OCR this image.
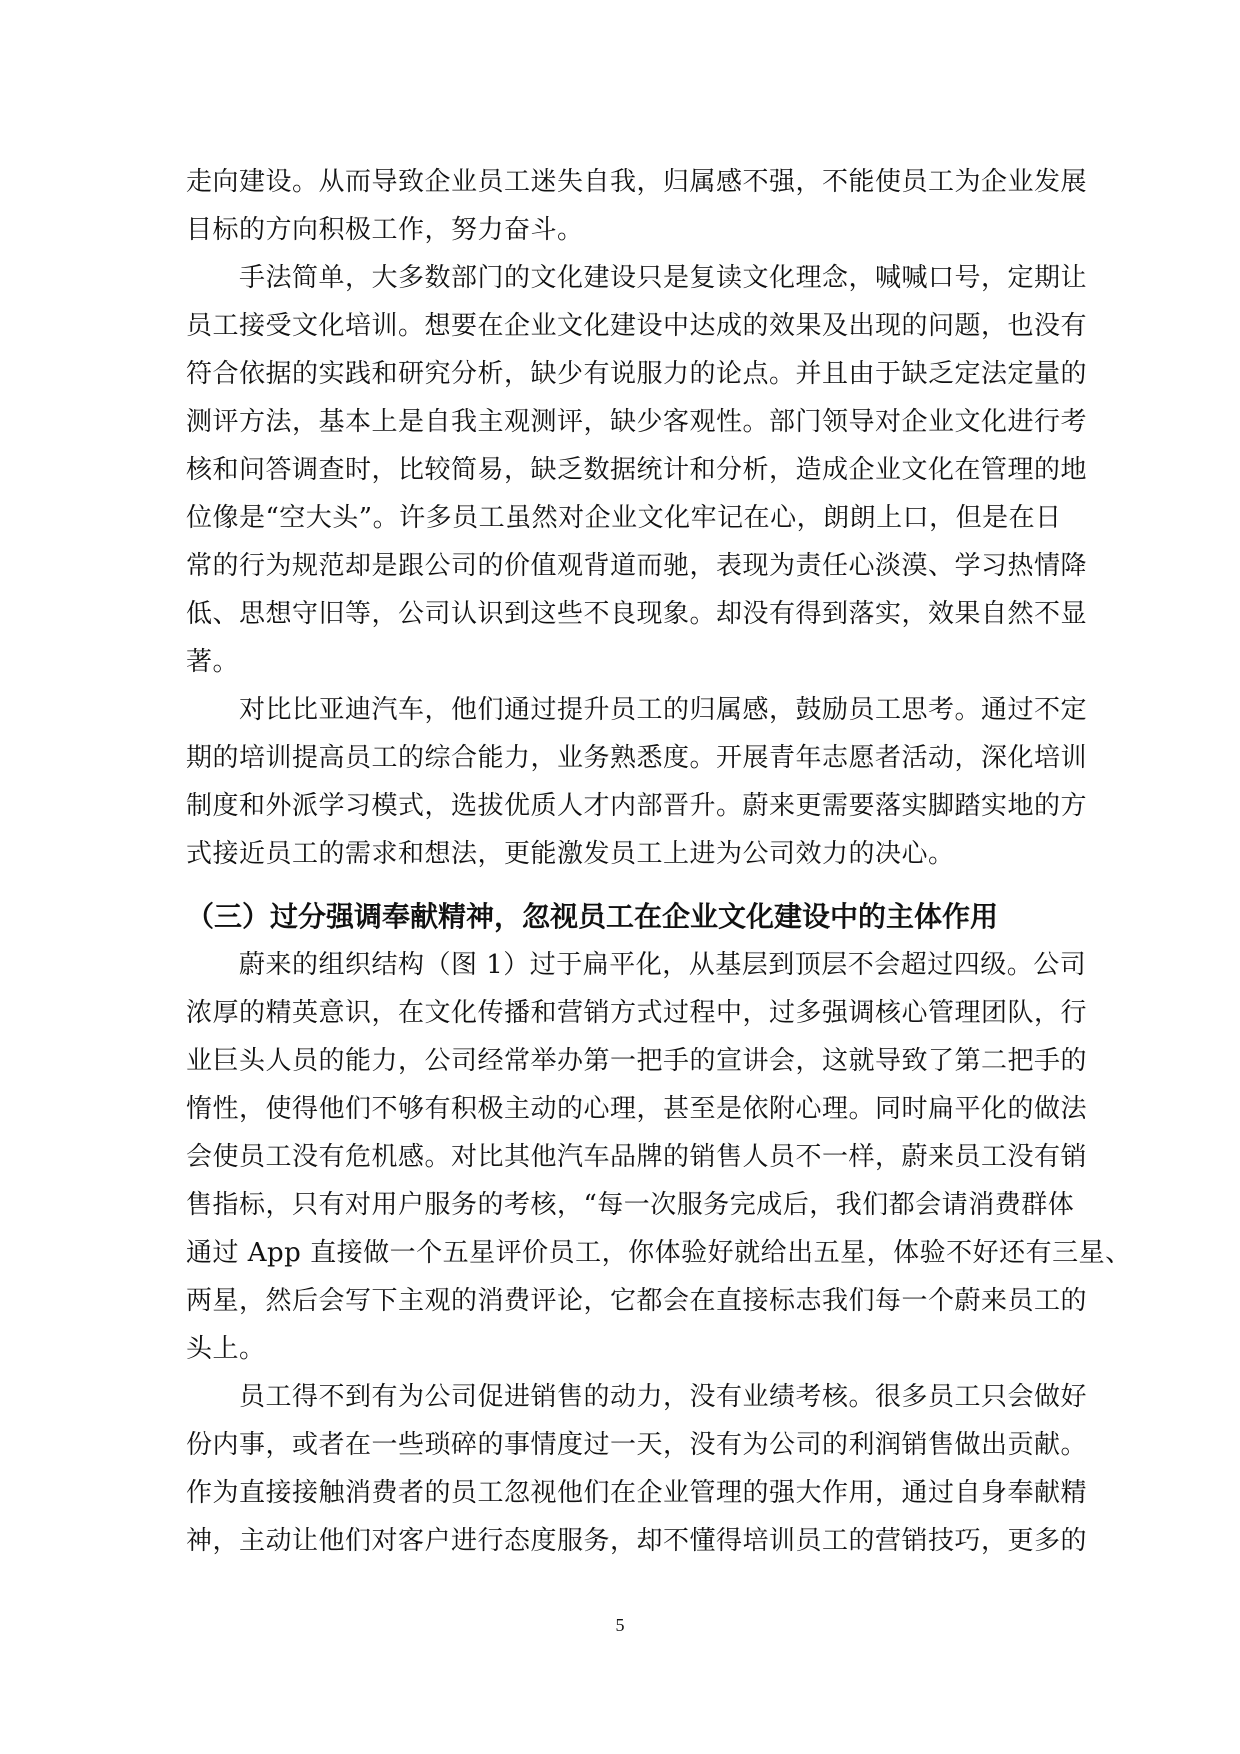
走向建设。从而导致企业员工迷失自我，归属感不强，不能使员工为企业发展
目标的方向积极工作，努力奋斗。
手法简单，大多数部门的文化建设只是复读文化理念，喊喊口号，定期让
员工接受文化培训。想要在企业文化建设中达成的效果及出现的问题，也没有
符合依据的实践和研究分析，缺少有说服力的论点。并且由于缺乏定法定量的
测评方法，基本上是自我主观测评，缺少客观性。部门领导对企业文化进行考
核和问答调查时，比较简易，缺乏数据统计和分析，造成企业文化在管理的地
位像是“空大头”。许多员工虽然对企业文化牢记在心，朗朗上口，但是在日
常的行为规范却是跟公司的价值观背道而驰，表现为责任心淡漠、学习热情降
低、思想守旧等，公司认识到这些不良现象。却没有得到落实，效果自然不显
著。
对比比亚迪汽车，他们通过提升员工的归属感，鼓励员工思考。通过不定
期的培训提高员工的综合能力，业务熟悉度。开展青年志愿者活动，深化培训
制度和外派学习模式，选拔优质人才内部晋升。蔚来更需要落实脚踏实地的方
式接近员工的需求和想法，更能激发员工上进为公司效力的决心。
（三）过分强调奉献精神，忽视员工在企业文化建设中的主体作用
蔚来的组织结构（图 1）过于扁平化，从基层到顶层不会超过四级。公司
浓厚的精英意识，在文化传播和营销方式过程中，过多强调核心管理团队，行
业巨头人员的能力，公司经常举办第一把手的宣讲会，这就导致了第二把手的
惰性，使得他们不够有积极主动的心理，甚至是依附心理。同时扁平化的做法
会使员工没有危机感。对比其他汽车品牌的销售人员不一样，蔚来员工没有销
售指标，只有对用户服务的考核，“每一次服务完成后，我们都会请消费群体
通过 App 直接做一个五星评价员工，你体验好就给出五星，体验不好还有三星、
两星，然后会写下主观的消费评论，它都会在直接标志我们每一个蔚来员工的
头上。
员工得不到有为公司促进销售的动力，没有业绩考核。很多员工只会做好
份内事，或者在一些琐碎的事情度过一天，没有为公司的利润销售做出贡献。
作为直接接触消费者的员工忽视他们在企业管理的强大作用，通过自身奉献精
神，主动让他们对客户进行态度服务，却不懂得培训员工的营销技巧，更多的
5
